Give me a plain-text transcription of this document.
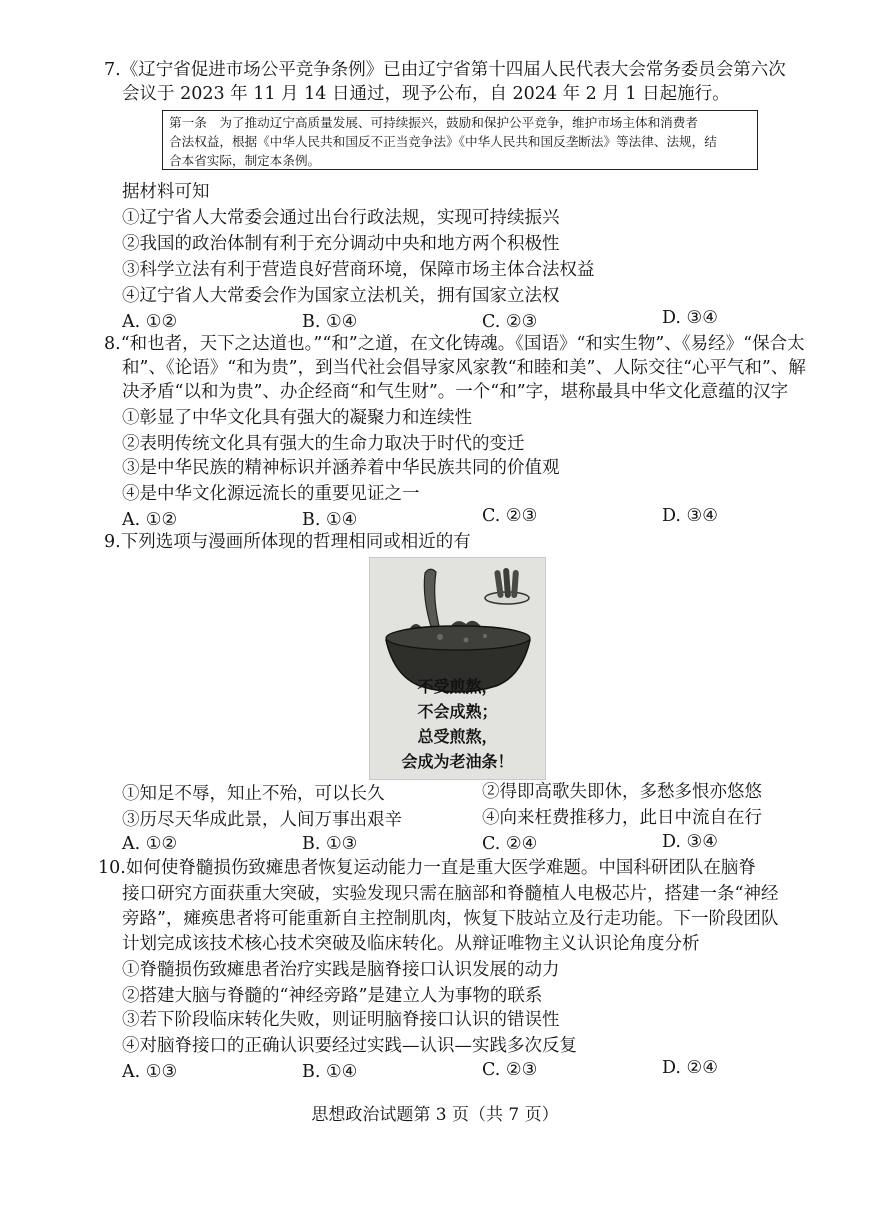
7.《辽宁省促进市场公平竞争条例》已由辽宁省第十四届人民代表大会常务委员会第六次
会议于 2023 年 11 月 14 日通过，现予公布，自 2024 年 2 月 1 日起施行。
第一条　为了推动辽宁高质量发展、可持续振兴，鼓励和保护公平竞争，维护市场主体和消费者
合法权益，根据《中华人民共和国反不正当竞争法》《中华人民共和国反垄断法》等法律、法规，结
合本省实际，制定本条例。
据材料可知
①辽宁省人大常委会通过出台行政法规，实现可持续振兴
②我国的政治体制有利于充分调动中央和地方两个积极性
③科学立法有利于营造良好营商环境，保障市场主体合法权益
④辽宁省人大常委会作为国家立法机关，拥有国家立法权
A. ①②	B. ①④	C. ②③	D. ③④
8.“和也者，天下之达道也。”“和”之道，在文化铸魂。《国语》“和实生物”、《易经》“保合太
和”、《论语》“和为贵”，到当代社会倡导家风家教“和睦和美”、人际交往“心平气和”、解
决矛盾“以和为贵”、办企经商“和气生财”。一个“和”字，堪称最具中华文化意蕴的汉字
①彰显了中华文化具有强大的凝聚力和连续性
②表明传统文化具有强大的生命力取决于时代的变迁
③是中华民族的精神标识并涵养着中华民族共同的价值观
④是中华文化源远流长的重要见证之一
A. ①②	B. ①④	C. ②③	D. ③④
9.下列选项与漫画所体现的哲理相同或相近的有
不受煎熬，
不会成熟；
总受煎熬，
会成为老油条！
①知足不辱，知止不殆，可以长久	②得即高歌失即休，多愁多恨亦悠悠
③历尽天华成此景，人间万事出艰辛	④向来枉费推移力，此日中流自在行
A. ①②	B. ①③	C. ②④	D. ③④
10.如何使脊髓损伤致瘫患者恢复运动能力一直是重大医学难题。中国科研团队在脑脊
接口研究方面获重大突破，实验发现只需在脑部和脊髓植人电极芯片，搭建一条“神经
旁路”，瘫痪患者将可能重新自主控制肌肉，恢复下肢站立及行走功能。下一阶段团队
计划完成该技术核心技术突破及临床转化。从辩证唯物主义认识论角度分析
①脊髓损伤致瘫患者治疗实践是脑脊接口认识发展的动力
②搭建大脑与脊髓的“神经旁路”是建立人为事物的联系
③若下阶段临床转化失败，则证明脑脊接口认识的错误性
④对脑脊接口的正确认识要经过实践—认识—实践多次反复
A. ①③	B. ①④	C. ②③	D. ②④
思想政治试题第 3 页（共 7 页）
